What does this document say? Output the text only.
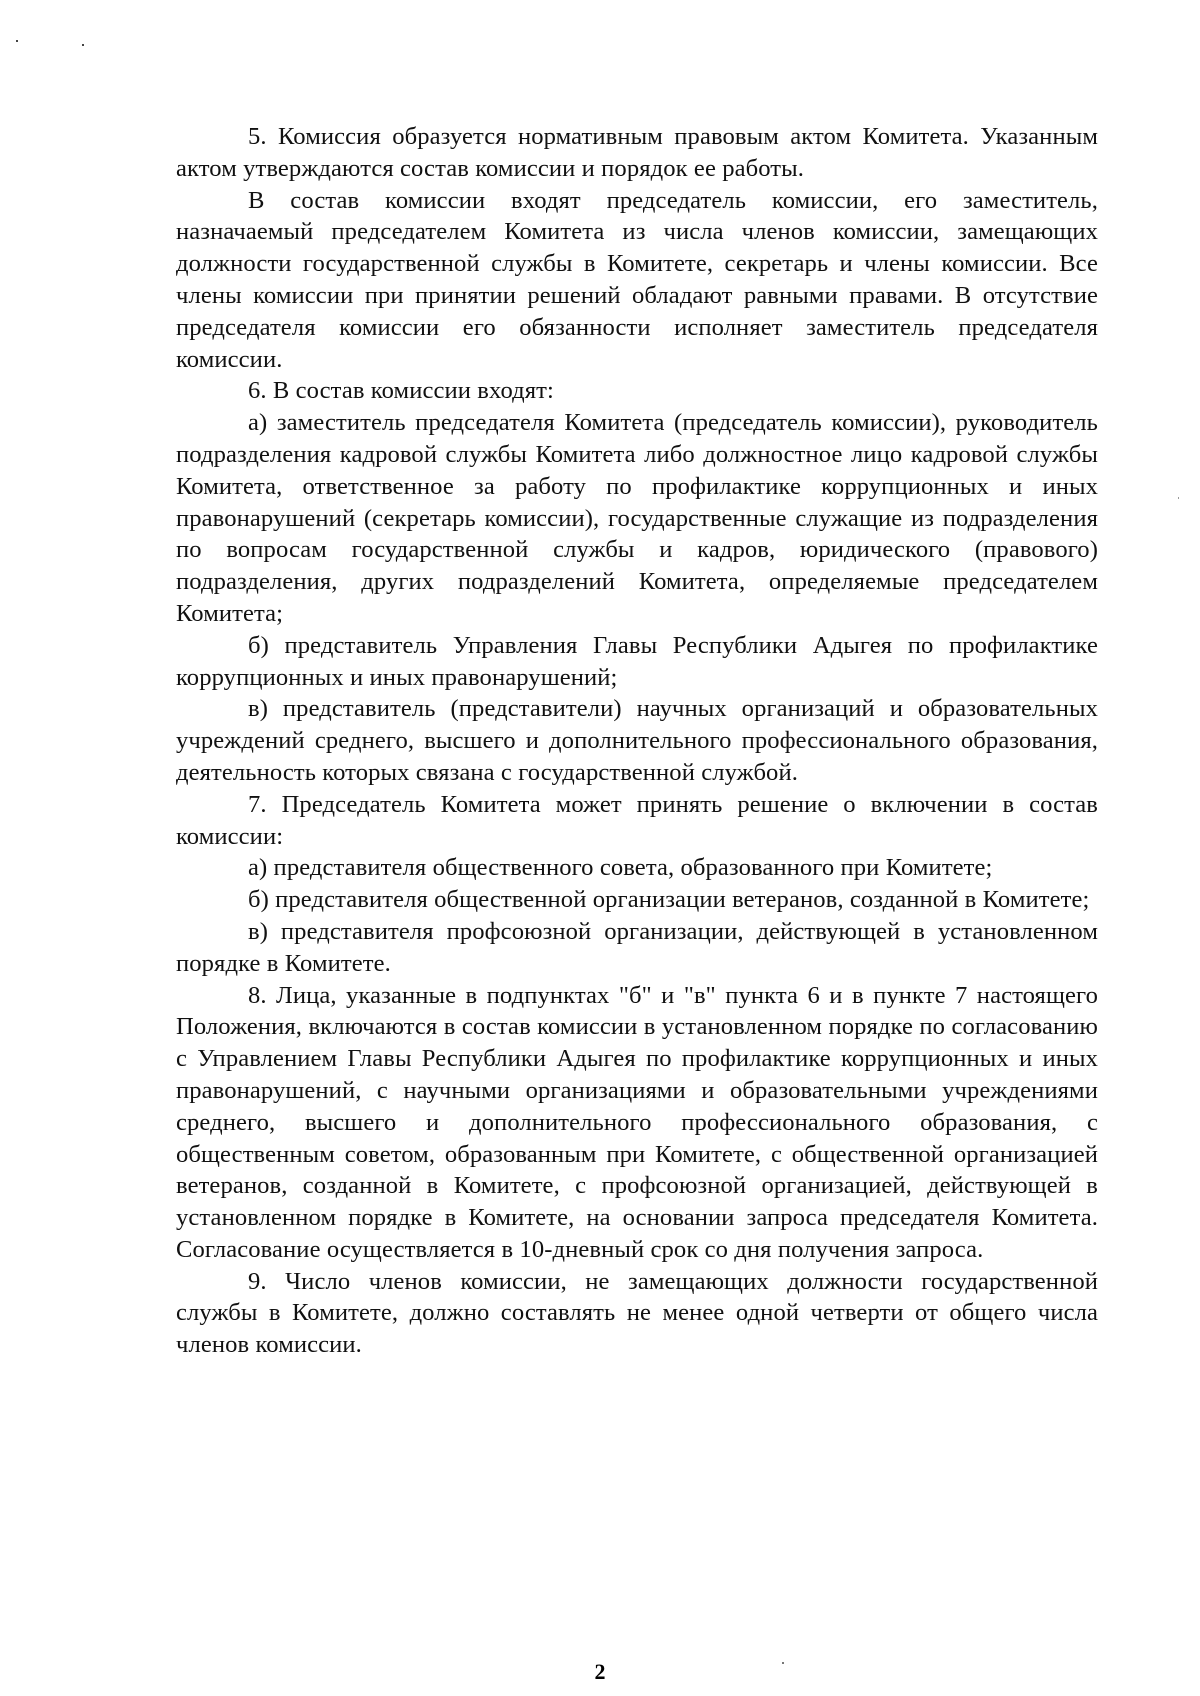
5. Комиссия образуется нормативным правовым актом Комитета. Указанным актом утверждаются состав комиссии и порядок ее работы.

В состав комиссии входят председатель комиссии, его заместитель, назначаемый председателем Комитета из числа членов комиссии, замещающих должности государственной службы в Комитете, секретарь и члены комиссии. Все члены комиссии при принятии решений обладают равными правами. В отсутствие председателя комиссии его обязанности исполняет заместитель председателя комиссии.

6. В состав комиссии входят:

а) заместитель председателя Комитета (председатель комиссии), руководитель подразделения кадровой службы Комитета либо должностное лицо кадровой службы Комитета, ответственное за работу по профилактике коррупционных и иных правонарушений (секретарь комиссии), государственные служащие из подразделения по вопросам государственной службы и кадров, юридического (правового) подразделения, других подразделений Комитета, определяемые председателем Комитета;

б) представитель Управления Главы Республики Адыгея по профилактике коррупционных и иных правонарушений;

в) представитель (представители) научных организаций и образовательных учреждений среднего, высшего и дополнительного профессионального образования, деятельность которых связана с государственной службой.

7. Председатель Комитета может принять решение о включении в состав комиссии:

а) представителя общественного совета, образованного при Комитете;

б) представителя общественной организации ветеранов, созданной в Комитете;

в) представителя профсоюзной организации, действующей в установленном порядке в Комитете.

8. Лица, указанные в подпунктах "б" и "в" пункта 6 и в пункте 7 настоящего Положения, включаются в состав комиссии в установленном порядке по согласованию с Управлением Главы Республики Адыгея по профилактике коррупционных и иных правонарушений, с научными организациями и образовательными учреждениями среднего, высшего и дополнительного профессионального образования, с общественным советом, образованным при Комитете, с общественной организацией ветеранов, созданной в Комитете, с профсоюзной организацией, действующей в установленном порядке в Комитете, на основании запроса председателя Комитета. Согласование осуществляется в 10-дневный срок со дня получения запроса.

9. Число членов комиссии, не замещающих должности государственной службы в Комитете, должно составлять не менее одной четверти от общего числа членов комиссии.

2
